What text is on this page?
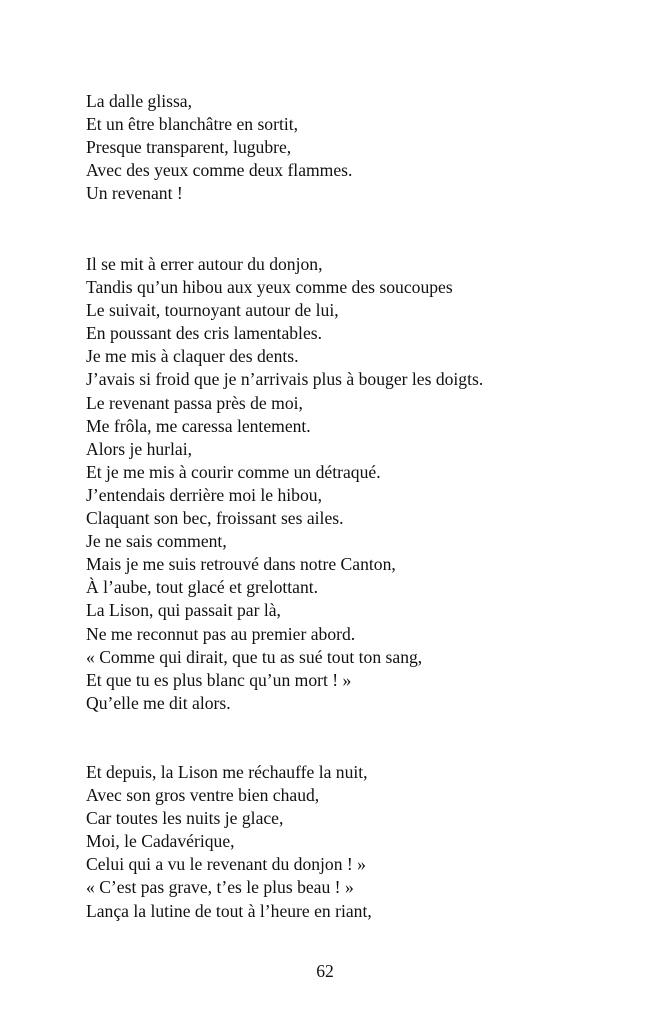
La dalle glissa,
Et un être blanchâtre en sortit,
Presque transparent, lugubre,
Avec des yeux comme deux flammes.
Un revenant !
Il se mit à errer autour du donjon,
Tandis qu’un hibou aux yeux comme des soucoupes
Le suivait, tournoyant autour de lui,
En poussant des cris lamentables.
Je me mis à claquer des dents.
J’avais si froid que je n’arrivais plus à bouger les doigts.
Le revenant passa près de moi,
Me frôla, me caressa lentement.
Alors je hurlai,
Et je me mis à courir comme un détraqué.
J’entendais derrière moi le hibou,
Claquant son bec, froissant ses ailes.
Je ne sais comment,
Mais je me suis retrouvé dans notre Canton,
À l’aube, tout glacé et grelottant.
La Lison, qui passait par là,
Ne me reconnut pas au premier abord.
« Comme qui dirait, que tu as sué tout ton sang,
Et que tu es plus blanc qu’un mort ! »
Qu’elle me dit alors.
Et depuis, la Lison me réchauffe la nuit,
Avec son gros ventre bien chaud,
Car toutes les nuits je glace,
Moi, le Cadavérique,
Celui qui a vu le revenant du donjon ! »
« C’est pas grave, t’es le plus beau ! »
Lança la lutine de tout à l’heure en riant,
62
